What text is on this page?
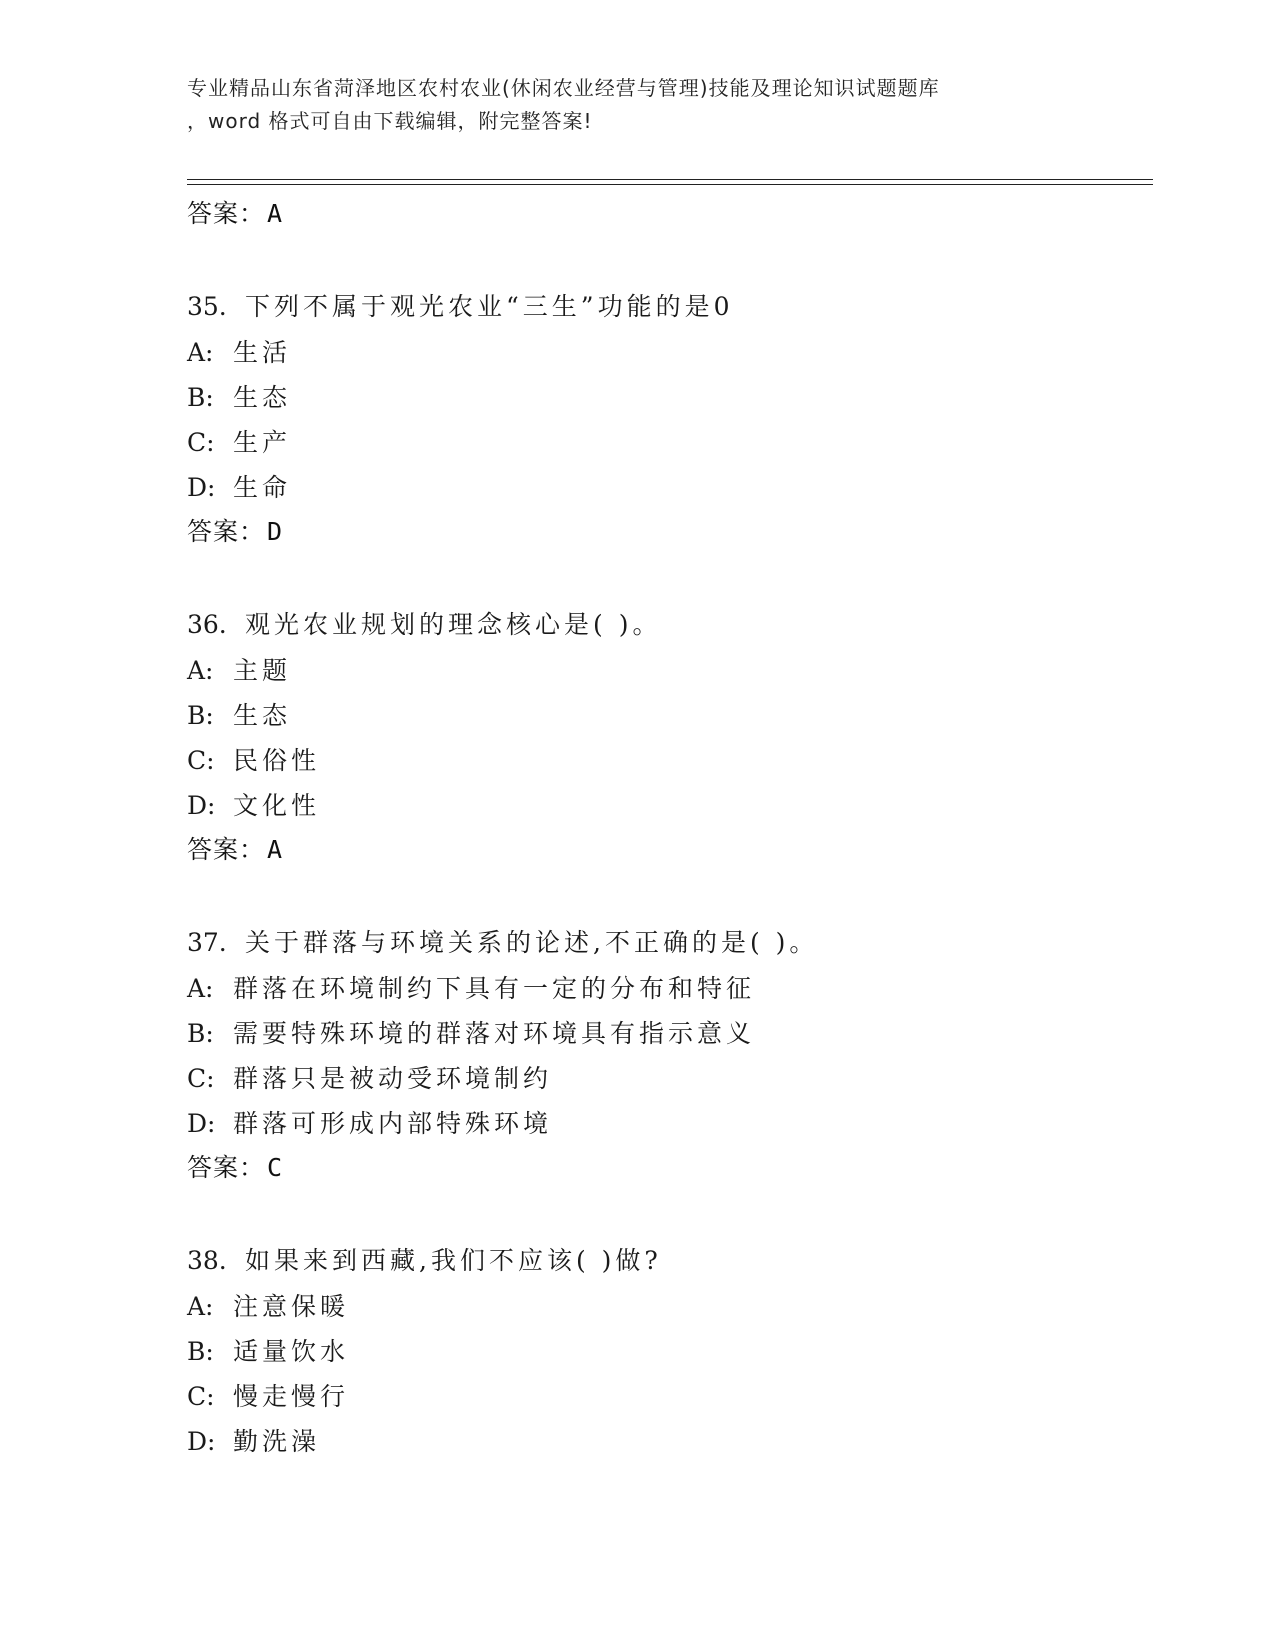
专业精品山东省菏泽地区农村农业(休闲农业经营与管理)技能及理论知识试题题库
，word 格式可自由下载编辑，附完整答案!
答案：A
35. 下列不属于观光农业“三生”功能的是0
A: 生活
B: 生态
C: 生产
D: 生命
答案：D
36. 观光农业规划的理念核心是( )。
A: 主题
B: 生态
C: 民俗性
D: 文化性
答案：A
37. 关于群落与环境关系的论述,不正确的是( )。
A: 群落在环境制约下具有一定的分布和特征
B: 需要特殊环境的群落对环境具有指示意义
C: 群落只是被动受环境制约
D: 群落可形成内部特殊环境
答案：C
38. 如果来到西藏,我们不应该( )做?
A: 注意保暖
B: 适量饮水
C: 慢走慢行
D: 勤洗澡
